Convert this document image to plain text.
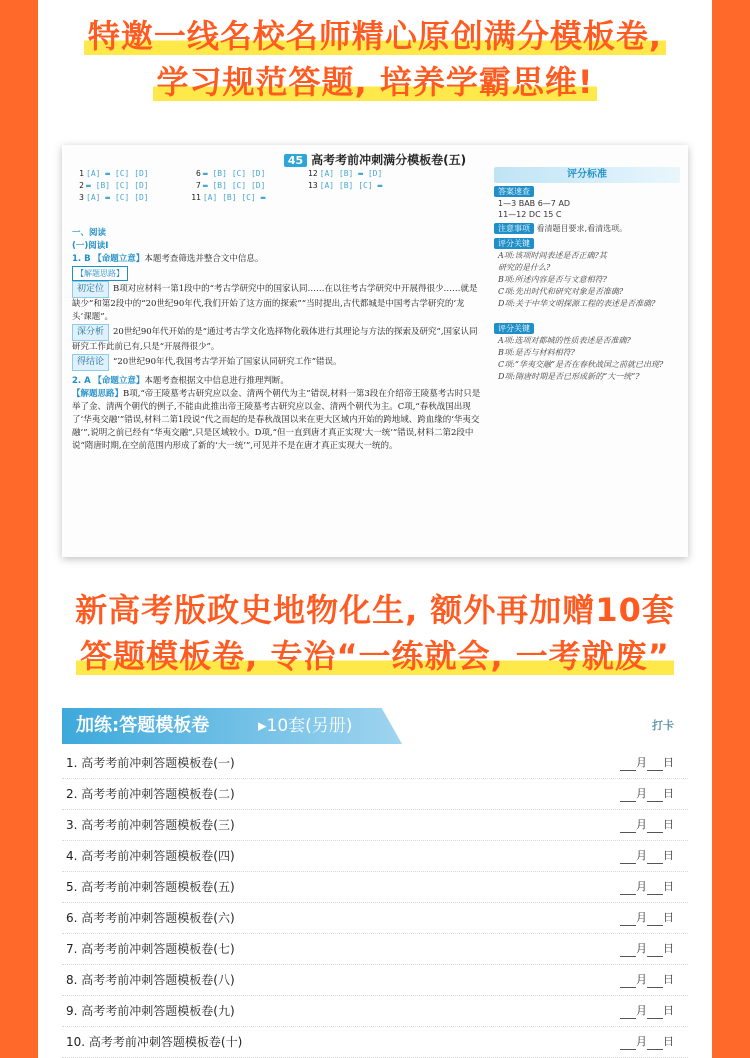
特邀一线名校名师精心原创满分模板卷,
学习规范答题, 培养学霸思维!
45 高考考前冲刺满分模板卷(五)
1 [A] ▬ [C] [D]	6 ▬ [B] [C] [D]	12 [A] [B] ▬ [D]
2 ▬ [B] [C] [D]	7 ▬ [B] [C] [D]	13 [A] [B] [C] ▬
3 [A] ▬ [C] [D]	11 [A] [B] [C] ▬
一、阅读
(一)阅读Ⅰ
1. B 【命题立意】本题考查筛选并整合文中信息。
【解题思路】
初定位 B项对应材料一第1段中的“考古学研究中的国家认同……在以往考古学研究中开展得很少……就是缺少”和第2段中的“20世纪90年代,我们开始了这方面的探索”“当时提出,古代都城是中国考古学研究的‘龙头’课题”。
深分析 20世纪90年代开始的是“通过考古学文化选择物化载体进行其理论与方法的探索及研究”,国家认同研究工作此前已有,只是“开展得很少”。
得结论 “20世纪90年代,我国考古学开始了国家认同研究工作”错误。
2. A 【命题立意】本题考查根据文中信息进行推理判断。
【解题思路】B项,“帝王陵墓考古研究应以金、清两个朝代为主”错误,材料一第3段在介绍帝王陵墓考古时只是举了金、清两个朝代的例子,不能由此推出帝王陵墓考古研究应以金、清两个朝代为主。C项,“春秋战国出现了‘华夷交融’”错误,材料二第1段说“代之而起的是春秋战国以来在更大区域内开始的跨地域、跨血缘的‘华夷交融’”,说明之前已经有“华夷交融”,只是区域较小。D项,“但一直到唐才真正实现‘大一统’”错误,材料二第2段中说“隋唐时期,在空前范围内形成了新的‘大一统’”,可见并不是在唐才真正实现大一统的。
评分标准
答案速查
1—3 BAB 6—7 AD
11—12 DC 15 C
注意事项 看清题目要求,看清选项。
评分关键
A项:该项时间表述是否正确?其
研究的是什么?
B项:所述内容是否与文意相符?
C项:先出时代和研究对象是否准确?
D项:关于中华文明探源工程的表述是否准确?
评分关键
A项:选项对都城的性质表述是否准确?
B项:是否与材料相符?
C项:“华夷交融”是否在春秋战国之前就已出现?
D项:隋唐时期是否已形成新的“大一统”?
新高考版政史地物化生, 额外再加赠10套
答题模板卷, 专治“一练就会, 一考就废”
加练:答题模板卷	▸10套(另册)	打卡
1. 高考考前冲刺答题模板卷(一)	月 日
2. 高考考前冲刺答题模板卷(二)	月 日
3. 高考考前冲刺答题模板卷(三)	月 日
4. 高考考前冲刺答题模板卷(四)	月 日
5. 高考考前冲刺答题模板卷(五)	月 日
6. 高考考前冲刺答题模板卷(六)	月 日
7. 高考考前冲刺答题模板卷(七)	月 日
8. 高考考前冲刺答题模板卷(八)	月 日
9. 高考考前冲刺答题模板卷(九)	月 日
10. 高考考前冲刺答题模板卷(十)	月 日
